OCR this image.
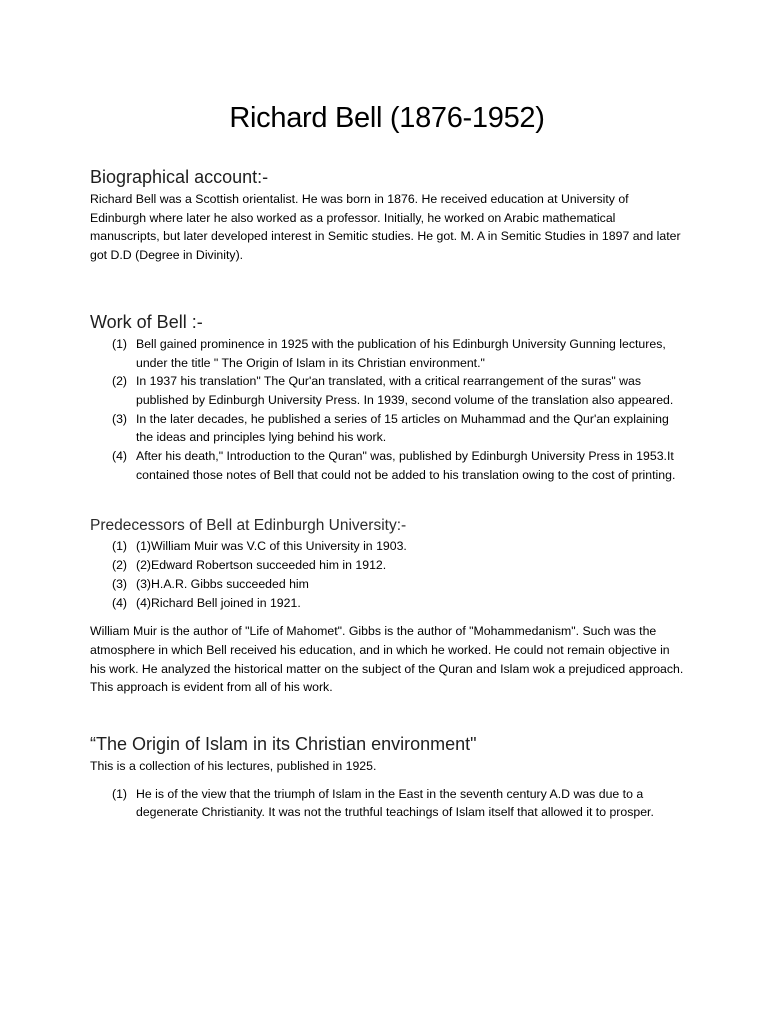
Richard Bell (1876-1952)
Biographical account:-

Richard Bell was a Scottish orientalist. He was born in 1876. He received education at University of Edinburgh where later he also worked as a professor. Initially, he worked on Arabic mathematical manuscripts, but later developed interest in Semitic studies. He got. M. A in Semitic Studies in 1897 and later got D.D (Degree in Divinity).

Work of Bell :-
(1) Bell gained prominence in 1925 with the publication of his Edinburgh University Gunning lectures, under the title " The Origin of Islam in its Christian environment."
(2) In 1937 his translation" The Qur'an translated, with a critical rearrangement of the suras" was published by Edinburgh University Press. In 1939, second volume of the translation also appeared.
(3) In the later decades, he published a series of 15 articles on Muhammad and the Qur'an explaining the ideas and principles lying behind his work.
(4) After his death," Introduction to the Quran" was, published by Edinburgh University Press in 1953.It contained those notes of Bell that could not be added to his translation owing to the cost of printing.
Predecessors of Bell at Edinburgh University:-
(1) (1)William Muir was V.C of this University in 1903.
(2) (2)Edward Robertson succeeded him in 1912.
(3) (3)H.A.R. Gibbs succeeded him
(4) (4)Richard Bell joined in 1921.

William Muir is the author of "Life of Mahomet". Gibbs is the author of "Mohammedanism". Such was the atmosphere in which Bell received his education, and in which he worked. He could not remain objective in his work. He analyzed the historical matter on the subject of the Quran and Islam wok a prejudiced approach. This approach is evident from all of his work.

“The Origin of Islam in its Christian environment"

This is a collection of his lectures, published in 1925.

(1) He is of the view that the triumph of Islam in the East in the seventh century A.D was due to a degenerate Christianity. It was not the truthful teachings of Islam itself that allowed it to prosper.
